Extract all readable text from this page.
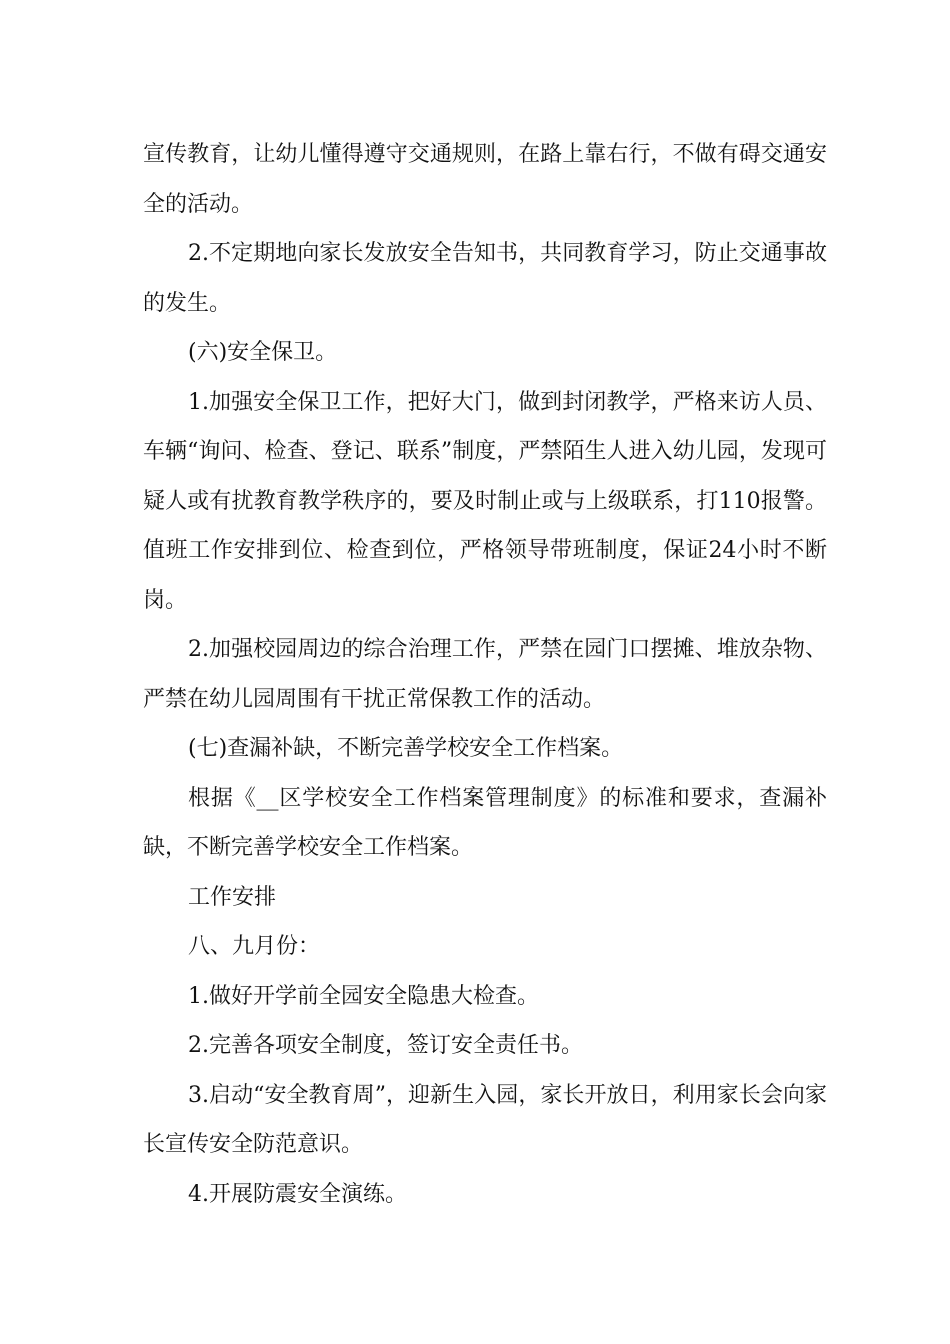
宣传教育，让幼儿懂得遵守交通规则，在路上靠右行，不做有碍交通安全的活动。

2.不定期地向家长发放安全告知书，共同教育学习，防止交通事故的发生。

(六)安全保卫。

1.加强安全保卫工作，把好大门，做到封闭教学，严格来访人员、车辆“询问、检查、登记、联系”制度，严禁陌生人进入幼儿园，发现可疑人或有扰教育教学秩序的，要及时制止或与上级联系，打110报警。值班工作安排到位、检查到位，严格领导带班制度，保证24小时不断岗。

2.加强校园周边的综合治理工作，严禁在园门口摆摊、堆放杂物、严禁在幼儿园周围有干扰正常保教工作的活动。

(七)查漏补缺，不断完善学校安全工作档案。

根据《__区学校安全工作档案管理制度》的标准和要求，查漏补缺，不断完善学校安全工作档案。

工作安排

八、九月份：

1.做好开学前全园安全隐患大检查。

2.完善各项安全制度，签订安全责任书。

3.启动“安全教育周”，迎新生入园，家长开放日，利用家长会向家长宣传安全防范意识。

4.开展防震安全演练。
